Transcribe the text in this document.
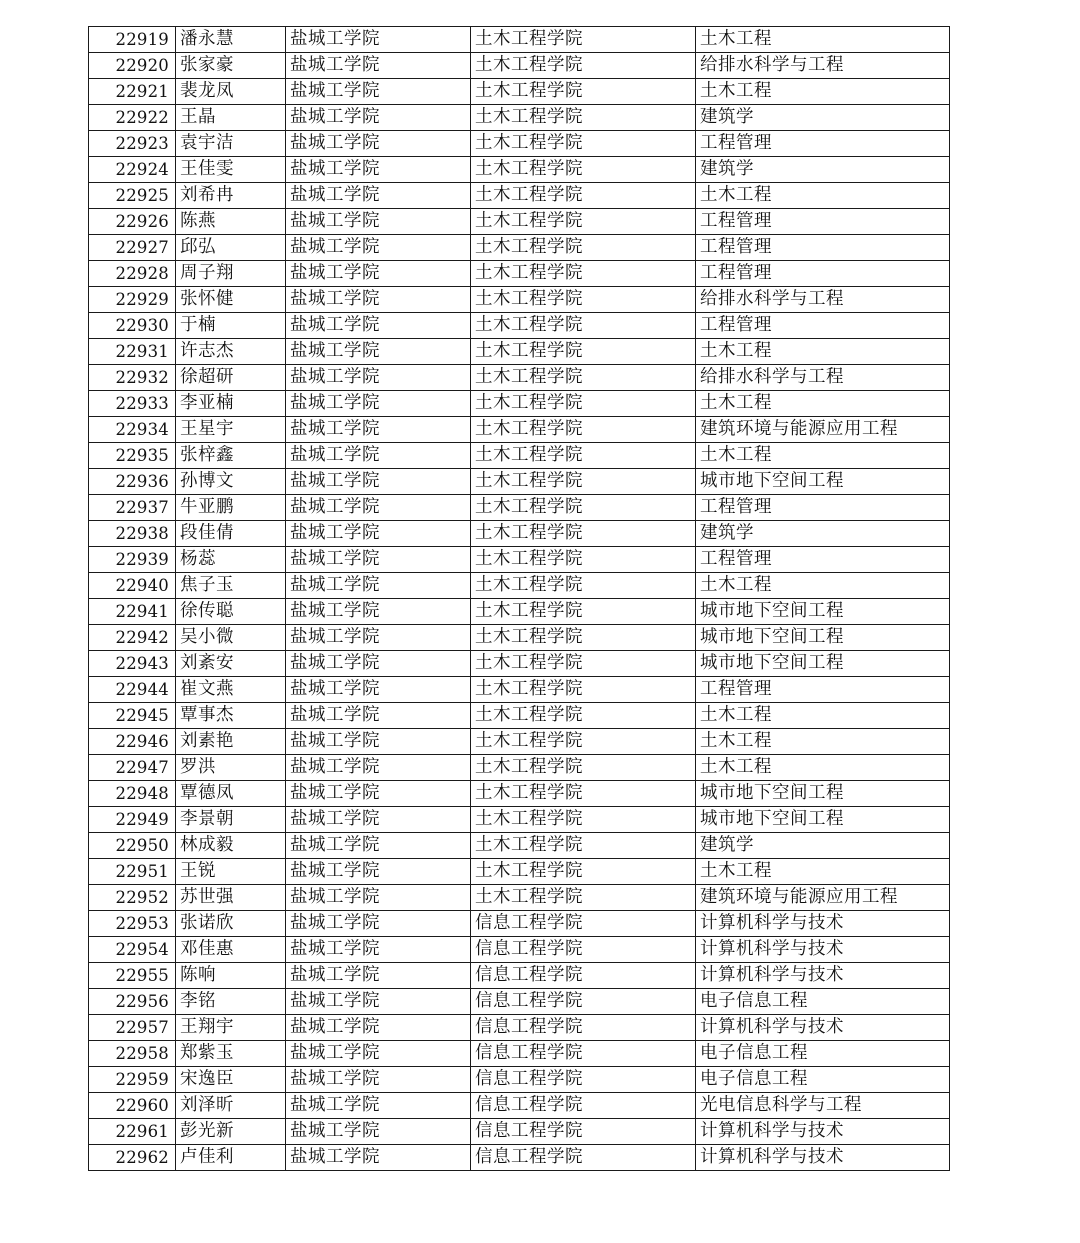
22919	潘永慧	盐城工学院	土木工程学院	土木工程
22920	张家豪	盐城工学院	土木工程学院	给排水科学与工程
22921	裴龙凤	盐城工学院	土木工程学院	土木工程
22922	王晶	盐城工学院	土木工程学院	建筑学
22923	袁宇洁	盐城工学院	土木工程学院	工程管理
22924	王佳雯	盐城工学院	土木工程学院	建筑学
22925	刘希冉	盐城工学院	土木工程学院	土木工程
22926	陈燕	盐城工学院	土木工程学院	工程管理
22927	邱弘	盐城工学院	土木工程学院	工程管理
22928	周子翔	盐城工学院	土木工程学院	工程管理
22929	张怀健	盐城工学院	土木工程学院	给排水科学与工程
22930	于楠	盐城工学院	土木工程学院	工程管理
22931	许志杰	盐城工学院	土木工程学院	土木工程
22932	徐超研	盐城工学院	土木工程学院	给排水科学与工程
22933	李亚楠	盐城工学院	土木工程学院	土木工程
22934	王星宇	盐城工学院	土木工程学院	建筑环境与能源应用工程
22935	张梓鑫	盐城工学院	土木工程学院	土木工程
22936	孙博文	盐城工学院	土木工程学院	城市地下空间工程
22937	牛亚鹏	盐城工学院	土木工程学院	工程管理
22938	段佳倩	盐城工学院	土木工程学院	建筑学
22939	杨蕊	盐城工学院	土木工程学院	工程管理
22940	焦子玉	盐城工学院	土木工程学院	土木工程
22941	徐传聪	盐城工学院	土木工程学院	城市地下空间工程
22942	吴小微	盐城工学院	土木工程学院	城市地下空间工程
22943	刘紊安	盐城工学院	土木工程学院	城市地下空间工程
22944	崔文燕	盐城工学院	土木工程学院	工程管理
22945	覃事杰	盐城工学院	土木工程学院	土木工程
22946	刘素艳	盐城工学院	土木工程学院	土木工程
22947	罗洪	盐城工学院	土木工程学院	土木工程
22948	覃德凤	盐城工学院	土木工程学院	城市地下空间工程
22949	李景朝	盐城工学院	土木工程学院	城市地下空间工程
22950	林成毅	盐城工学院	土木工程学院	建筑学
22951	王锐	盐城工学院	土木工程学院	土木工程
22952	苏世强	盐城工学院	土木工程学院	建筑环境与能源应用工程
22953	张诺欣	盐城工学院	信息工程学院	计算机科学与技术
22954	邓佳惠	盐城工学院	信息工程学院	计算机科学与技术
22955	陈响	盐城工学院	信息工程学院	计算机科学与技术
22956	李铭	盐城工学院	信息工程学院	电子信息工程
22957	王翔宇	盐城工学院	信息工程学院	计算机科学与技术
22958	郑紫玉	盐城工学院	信息工程学院	电子信息工程
22959	宋逸臣	盐城工学院	信息工程学院	电子信息工程
22960	刘泽昕	盐城工学院	信息工程学院	光电信息科学与工程
22961	彭光新	盐城工学院	信息工程学院	计算机科学与技术
22962	卢佳利	盐城工学院	信息工程学院	计算机科学与技术
